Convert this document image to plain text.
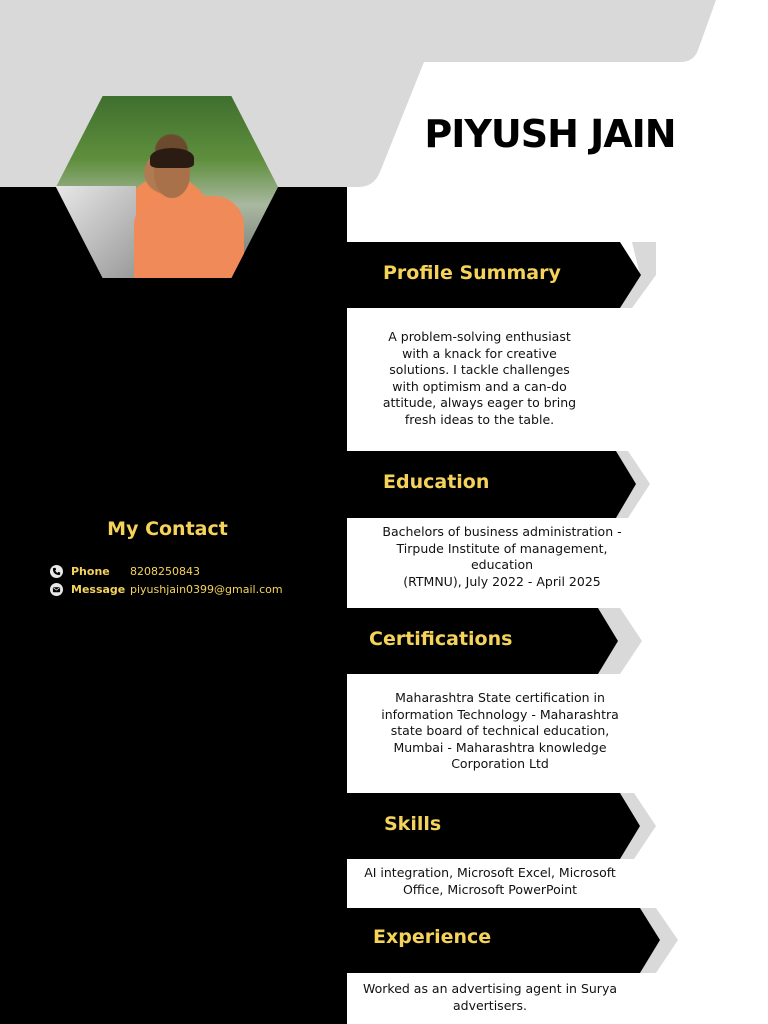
PIYUSH JAIN
Profile Summary
A problem-solving enthusiast
with a knack for creative
solutions. I tackle challenges
with optimism and a can-do
attitude, always eager to bring
fresh ideas to the table.
Education
Bachelors of business administration -
Tirpude Institute of management,
education
(RTMNU), July 2022 - April 2025
Certifications
Maharashtra State certification in
information Technology - Maharashtra
state board of technical education,
Mumbai - Maharashtra knowledge
Corporation Ltd
Skills
AI integration, Microsoft Excel, Microsoft
Office, Microsoft PowerPoint
Experience
Worked as an advertising agent in Surya
advertisers.
My Contact
Phone	8208250843
Message piyushjain0399@gmail.com
